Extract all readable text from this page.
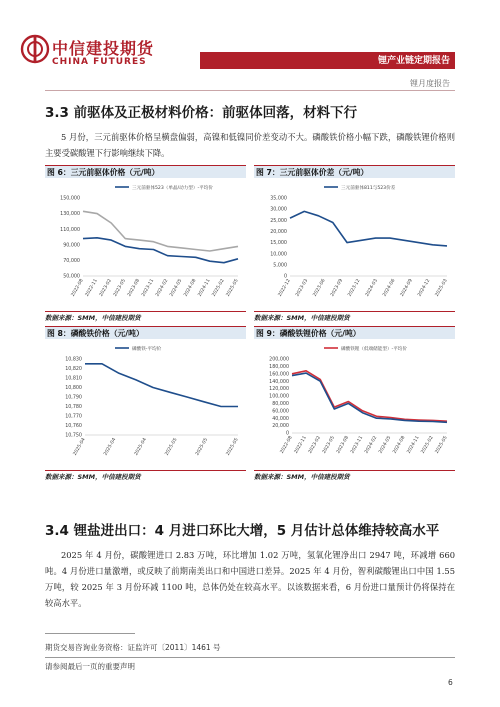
中信建投期货
CHINA FUTURES	锂产业链定期报告
锂月度报告
3.3 前驱体及正极材料价格：前驱体回落，材料下行
5 月份，三元前驱体价格呈横盘偏弱，高镍和低镍同价差变动不大。磷酸铁价格小幅下跌，磷酸铁锂价格则主要受碳酸锂下行影响继续下降。
图 6：三元前驱体价格（元/吨）
三元前驱体523（单晶/动力型）-平均价
150,000
130,000
110,000
90,000
70,000
50,000
2022-08 2022-11 2023-02 2023-05 2023-08 2023-11 2024-02 2024-05 2024-08 2024-11 2025-02 2025-05
数据来源：SMM，中信建投期货
图 7：三元前驱体价差（元/吨）
三元前驱体811与523价差
35,000
30,000
25,000
20,000
15,000
10,000
5,000
0
2022-12 2023-03 2023-06 2023-09 2023-12 2024-03 2024-06 2024-09 2024-12 2025-03
数据来源：SMM，中信建投期货
图 8：磷酸铁价格（元/吨）
磷酸铁-平均价
10,830
10,820
10,810
10,800
10,790
10,780
10,770
10,760
10,750
2025-04	2025-04	2025-04	2025-05	2025-05	2025-05
数据来源：SMM，中信建投期货
图 9：磷酸铁锂价格（元/吨）
磷酸铁锂（低端储能型）-平均价
200,000
180,000
160,000
140,000
120,000
100,000
80,000
60,000
40,000
20,000
0
2022-08 2022-11 2023-02 2023-05 2023-08 2023-11 2024-02 2024-05 2024-08 2024-11 2025-02 2025-05
数据来源：SMM，中信建投期货
3.4 锂盐进出口：4 月进口环比大增，5 月估计总体维持较高水平
2025 年 4 月份，碳酸锂进口 2.83 万吨，环比增加 1.02 万吨，氢氧化锂净出口 2947 吨，环减增 660 吨。4 月份进口量激增，或反映了前期南美出口和中国进口差异。2025 年 4 月份，智利碳酸锂出口中国 1.55 万吨，较 2025 年 3 月份环减 1100 吨，总体仍处在较高水平。以该数据来看，6 月份进口量预计仍将保持在较高水平。
期货交易咨询业务资格：证监许可〔2011〕1461 号
请参阅最后一页的重要声明
6
